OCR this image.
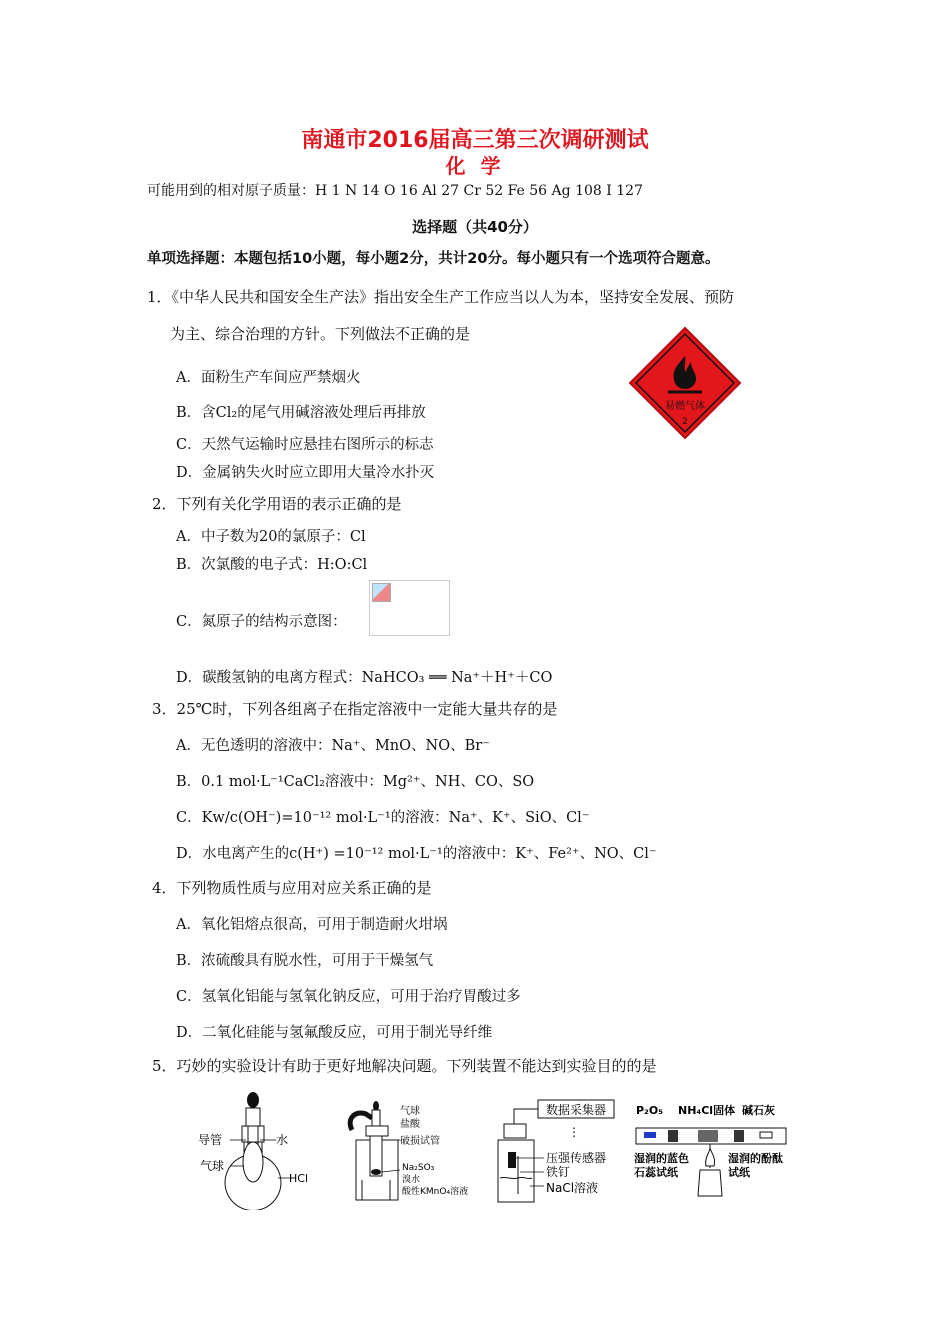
南通市2016届高三第三次调研测试
化 学
可能用到的相对原子质量：H 1 N 14 O 16 Al 27 Cr 52 Fe 56 Ag 108 I 127
选择题（共40分）
单项选择题：本题包括10小题，每小题2分，共计20分。每小题只有一个选项符合题意。
1．《中华人民共和国安全生产法》指出安全生产工作应当以人为本，坚持安全发展、预防
为主、综合治理的方针。下列做法不正确的是
A．面粉生产车间应严禁烟火
B．含Cl₂的尾气用碱溶液处理后再排放
C．天然气运输时应悬挂右图所示的标志
D．金属钠失火时应立即用大量冷水扑灭
易燃气体
2
2．下列有关化学用语的表示正确的是
A．中子数为20的氯原子：Cl
B．次氯酸的电子式：H:O:Cl
C．氮原子的结构示意图：
D．碳酸氢钠的电离方程式：NaHCO₃ ══ Na⁺＋H⁺＋CO
3．25℃时，下列各组离子在指定溶液中一定能大量共存的是
A．无色透明的溶液中：Na⁺、MnO、NO、Br⁻
B．0.1 mol·L⁻¹CaCl₂溶液中：Mg²⁺、NH、CO、SO
C．Kw/c(OH⁻)=10⁻¹² mol·L⁻¹的溶液：Na⁺、K⁺、SiO、Cl⁻
D．水电离产生的c(H⁺) =10⁻¹² mol·L⁻¹的溶液中：K⁺、Fe²⁺、NO、Cl⁻
4．下列物质性质与应用对应关系正确的是
A．氧化铝熔点很高，可用于制造耐火坩埚
B．浓硫酸具有脱水性，可用于干燥氢气
C．氢氧化铝能与氢氧化钠反应，可用于治疗胃酸过多
D．二氧化硅能与氢氟酸反应，可用于制光导纤维
5．巧妙的实验设计有助于更好地解决问题。下列装置不能达到实验目的的是
导管	水
气球
HCl
气球
盐酸
破损试管
Na₂SO₃
溴水
酸性KMnO₄溶液
数据采集器
⋮
压强传感器
铁钉
NaCl溶液
P₂O₅ NH₄Cl固体 碱石灰
湿润的蓝色
石蕊试纸
湿润的酚酞
试纸
